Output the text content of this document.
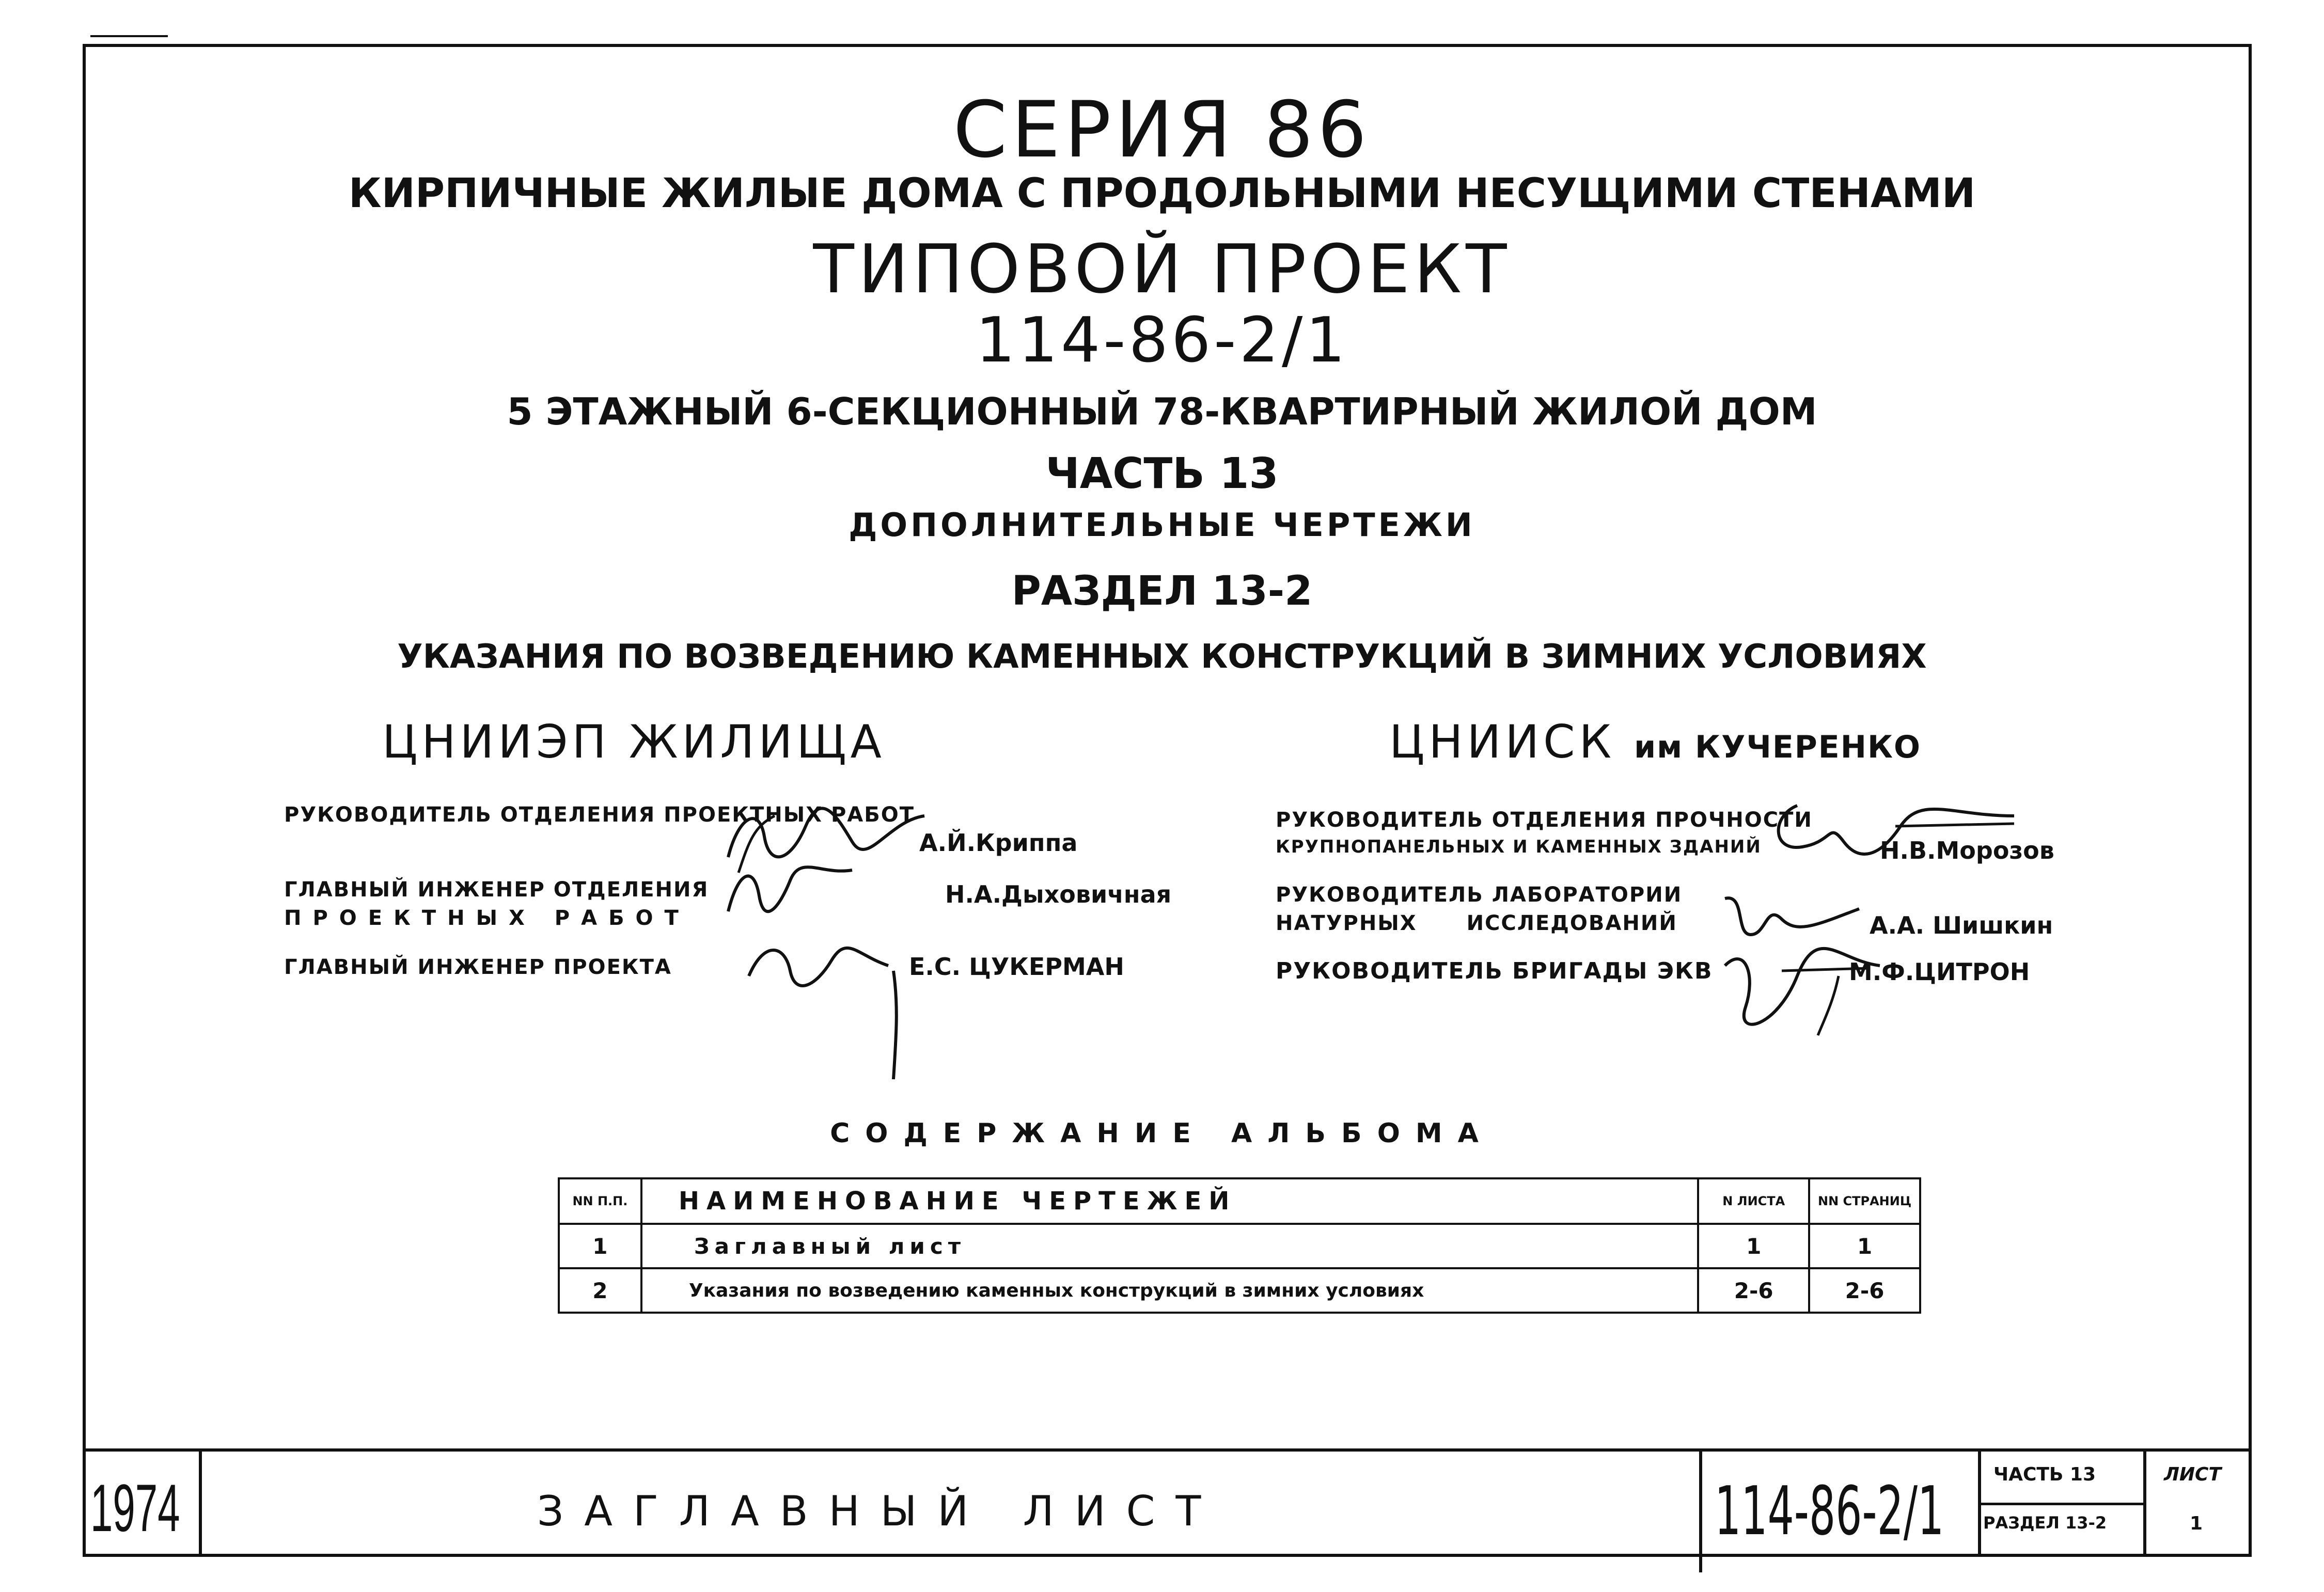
СЕРИЯ 86
КИРПИЧНЫЕ ЖИЛЫЕ ДОМА С ПРОДОЛЬНЫМИ НЕСУЩИМИ СТЕНАМИ
ТИПОВОЙ ПРОЕКТ
114-86-2/1
5 ЭТАЖНЫЙ 6-СЕКЦИОННЫЙ 78-КВАРТИРНЫЙ ЖИЛОЙ ДОМ
ЧАСТЬ 13
ДОПОЛНИТЕЛЬНЫЕ ЧЕРТЕЖИ
РАЗДЕЛ 13-2
УКАЗАНИЯ ПО ВОЗВЕДЕНИЮ КАМЕННЫХ КОНСТРУКЦИЙ В ЗИМНИХ УСЛОВИЯХ
ЦНИИЭП ЖИЛИЩА
РУКОВОДИТЕЛЬ ОТДЕЛЕНИЯ ПРОЕКТНЫХ РАБОТ
А.Й.Криппа
ГЛАВНЫЙ ИНЖЕНЕР ОТДЕЛЕНИЯ
ПРОЕКТНЫХ РАБОТ
Н.А.Дыховичная
ГЛАВНЫЙ ИНЖЕНЕР ПРОЕКТА	Е.С. ЦУКЕРМАН
ЦНИИСК им КУЧЕРЕНКО
РУКОВОДИТЕЛЬ ОТДЕЛЕНИЯ ПРОЧНОСТИ
КРУПНОПАНЕЛЬНЫХ И КАМЕННЫХ ЗДАНИЙ	Н.В.Морозов
РУКОВОДИТЕЛЬ ЛАБОРАТОРИИ
НАТУРНЫХ ИССЛЕДОВАНИЙ	А.А. Шишкин
РУКОВОДИТЕЛЬ БРИГАДЫ ЭКВ	М.Ф.ЦИТРОН
СОДЕРЖАНИЕ АЛЬБОМА
NN П.П.	НАИМЕНОВАНИЕ ЧЕРТЕЖЕЙ	N ЛИСТА	NN СТРАНИЦ
1	Заглавный лист	1	1
2	Указания по возведению каменных конструкций в зимних условиях	2-6	2-6
1974	ЗАГЛАВНЫЙ ЛИСТ	114-86-2/1	ЧАСТЬ 13
РАЗДЕЛ 13-2
ЛИСТ
1
